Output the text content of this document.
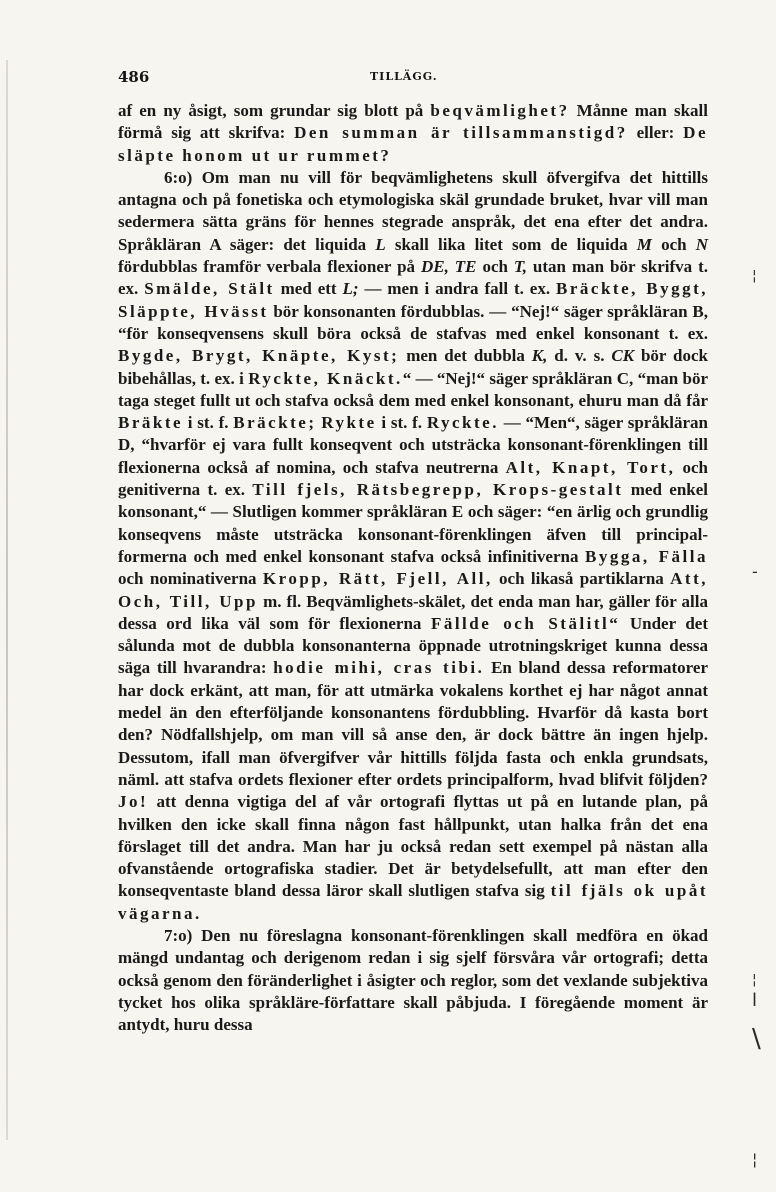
486	TILLÄGG.

af en ny åsigt, som grundar sig blott på beqvämlighet? Månne man skall förmå sig att skrifva: Den summan är tillsammanstigd? eller: De släpte honom ut ur rummet?

6:o) Om man nu vill för beqvämlighetens skull öfvergifva det hittills antagna och på fonetiska och etymologiska skäl grundade bruket, hvar vill man sedermera sätta gräns för hennes stegrade anspråk, det ena efter det andra. Språkläran A säger: det liquida L skall lika litet som de liquida M och N fördubblas framför verbala flexioner på DE, TE och T, utan man bör skrifva t. ex. Smälde, Stält med ett L; — men i andra fall t. ex. Bräckte, Byggt, Släppte, Hvässt bör konsonanten fördubblas. — “Nej!“ säger språkläran B, “för konseqvensens skull böra också de stafvas med enkel konsonant t. ex. Bygde, Brygt, Knäpte, Kyst; men det dubbla K, d. v. s. CK bör dock bibehållas, t. ex. i Ryckte, Knäckt.“ — “Nej!“ säger språkläran C, “man bör taga steget fullt ut och stafva också dem med enkel konsonant, ehuru man då får Bräkte i st. f. Bräckte; Rykte i st. f. Ryckte. — “Men“, säger språkläran D, “hvarför ej vara fullt konseqvent och utsträcka konsonant-förenklingen till flexionerna också af nomina, och stafva neutrerna Alt, Knapt, Tort, och genitiverna t. ex. Till fjels, Rätsbegrepp, Krops-gestalt med enkel konsonant,“ — Slutligen kommer språkläran E och säger: “en ärlig och grundlig konseqvens måste utsträcka konsonant-förenklingen äfven till principal-formerna och med enkel konsonant stafva också infinitiverna Bygga, Fälla och nominativerna Kropp, Rätt, Fjell, All, och likaså partiklarna Att, Och, Till, Upp m. fl. Beqvämlighets-skälet, det enda man har, gäller för alla dessa ord lika väl som för flexionerna Fällde och Stälitl“ Under det sålunda mot de dubbla konsonanterna öppnade utrotningskriget kunna dessa säga till hvarandra: hodie mihi, cras tibi. En bland dessa reformatorer har dock erkänt, att man, för att utmärka vokalens korthet ej har något annat medel än den efterföljande konsonantens fördubbling. Hvarför då kasta bort den? Nödfallshjelp, om man vill så anse den, är dock bättre än ingen hjelp. Dessutom, ifall man öfvergifver vår hittills följda fasta och enkla grundsats, näml. att stafva ordets flexioner efter ordets principalform, hvad blifvit följden? Jo! att denna vigtiga del af vår ortografi flyttas ut på en lutande plan, på hvilken den icke skall finna någon fast hållpunkt, utan halka från det ena förslaget till det andra. Man har ju också redan sett exempel på nästan alla ofvanstående ortografiska stadier. Det är betydelsefullt, att man efter den konseqventaste bland dessa läror skall slutligen stafva sig til fjäls ok upåt vägarna.

7:o) Den nu föreslagna konsonant-förenklingen skall medföra en ökad mängd undantag och derigenom redan i sig sjelf försvåra vår ortografi; detta också genom den föränderlighet i åsigter och reglor, som det vexlande subjektiva tycket hos olika språkläre-författare skall påbjuda. I föregående moment är antydt, huru dessa

¦
-
¦
l
\
¦
